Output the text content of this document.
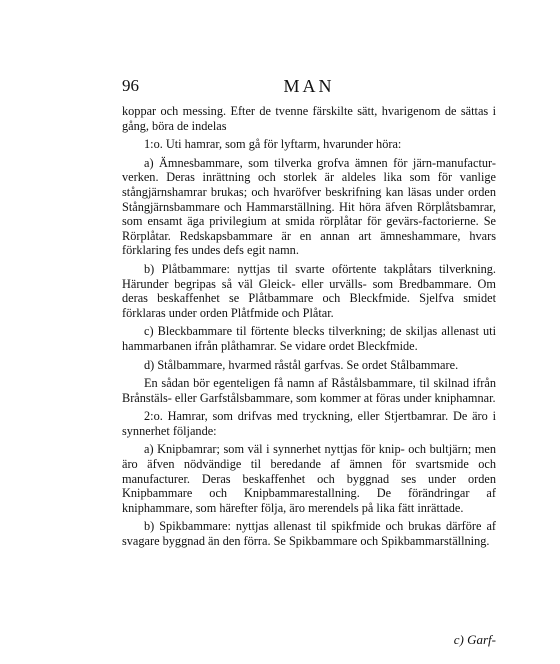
96	MAN

koppar och messing. Efter de tvenne färskilte sätt, hvarigenom de sättas i gång, böra de indelas

1:o. Uti hamrar, som gå för lyftarm, hvarunder höra:

a) Ämnesbammare, som tilverka grofva ämnen för järn-manufactur-verken. Deras inrättning och storlek är aldeles lika som för vanlige stångjärnshamrar brukas; och hvaröfver beskrifning kan läsas under orden Stångjärnsbammare och Hammarställning. Hit höra äfven Rörplåtsbamrar, som ensamt äga privilegium at smida rörplåtar för gevärs-factorierne. Se Rörplåtar. Redskapsbammare är en annan art ämneshammare, hvars förklaring fes undes defs egit namn.

b) Plåtbammare: nyttjas til svarte oförtente takplåtars tilverkning. Härunder begripas så väl Gleick- eller urvälls- som Bredbammare. Om deras beskaffenhet se Plåtbammare och Bleckfmide. Sjelfva smidet förklaras under orden Plåtfmide och Plåtar.

c) Bleckbammare til förtente blecks tilverkning; de skiljas allenast uti hammarbanen ifrån plåthamrar. Se vidare ordet Bleckfmide.

d) Stålbammare, hvarmed råstål garfvas. Se ordet Stålbammare.

En sådan bör egenteligen få namn af Råstålsbammare, til skilnad ifrån Brånstäls- eller Garfstålsbammare, som kommer at föras under kniphamnar.

2:o. Hamrar, som drifvas med tryckning, eller Stjertbamrar. De äro i synnerhet följande:

a) Knipbamrar; som väl i synnerhet nyttjas för knip- och bultjärn; men äro äfven nödvändige til beredande af ämnen för svartsmide och manufacturer. Deras beskaffenhet och byggnad ses under orden Knipbammare och Knipbammarestallning. De förändringar af kniphammare, som härefter följa, äro merendels på lika fätt inrättade.

b) Spikbammare: nyttjas allenast til spikfmide och brukas därföre af svagare byggnad än den förra. Se Spikbammare och Spikbammarställning.

c) Garf-
